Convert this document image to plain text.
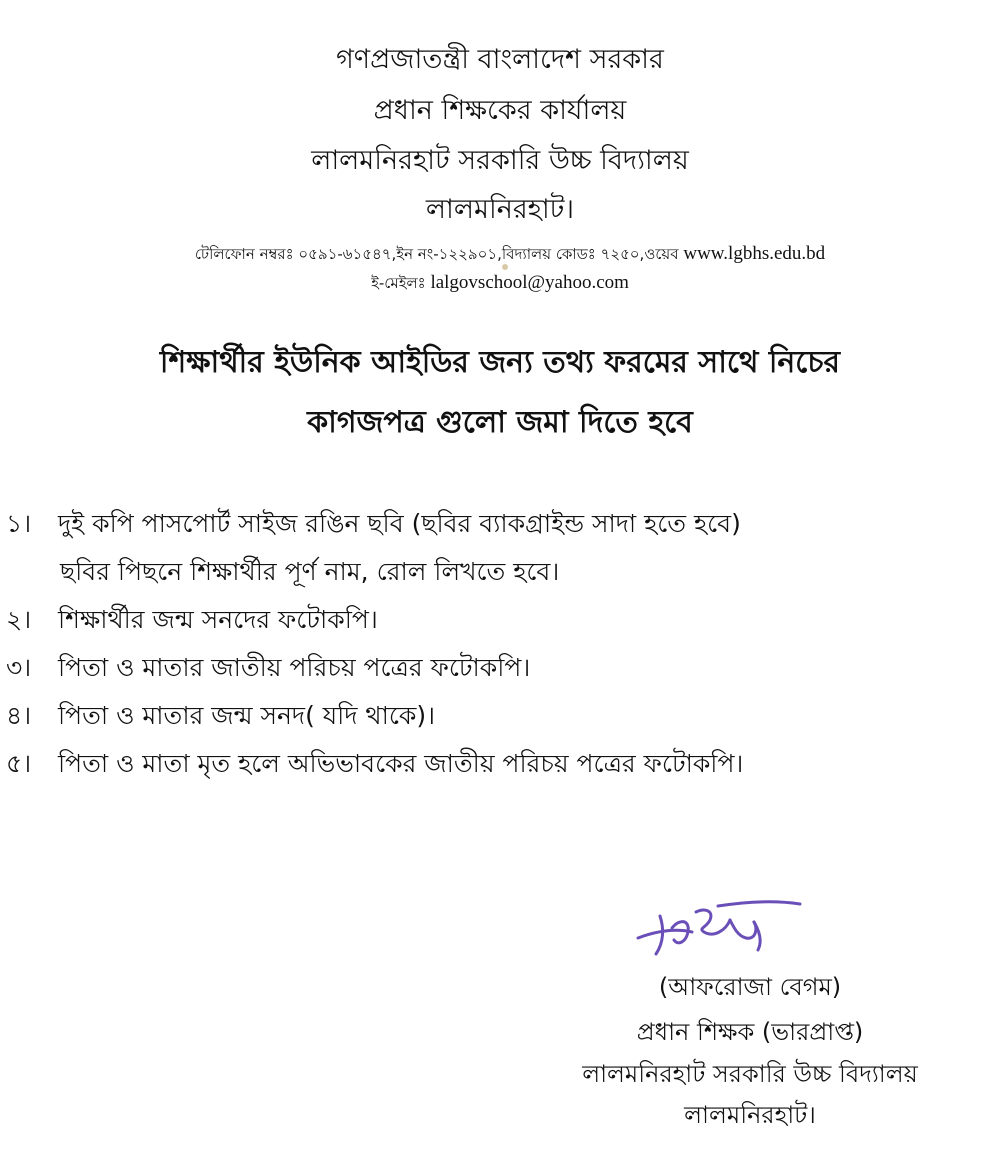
গণপ্রজাতন্ত্রী বাংলাদেশ সরকার
প্রধান শিক্ষকের কার্যালয়
লালমনিরহাট সরকারি উচ্চ বিদ্যালয়
লালমনিরহাট।
টেলিফোন নম্বরঃ ০৫৯১-৬১৫৪৭,ইন নং-১২২৯০১,বিদ্যালয় কোডঃ ৭২৫০,ওয়েব www.lgbhs.edu.bd
ই-মেইলঃ lalgovschool@yahoo.com
শিক্ষার্থীর ইউনিক আইডির জন্য তথ্য ফরমের সাথে নিচের
কাগজপত্র গুলো জমা দিতে হবে
১। দুই কপি পাসপোর্ট সাইজ রঙিন ছবি (ছবির ব্যাকগ্রাইন্ড সাদা হতে হবে)
ছবির পিছনে শিক্ষার্থীর পূর্ণ নাম, রোল লিখতে হবে।
২। শিক্ষার্থীর জন্ম সনদের ফটোকপি।
৩। পিতা ও মাতার জাতীয় পরিচয় পত্রের ফটোকপি।
৪। পিতা ও মাতার জন্ম সনদ( যদি থাকে)।
৫। পিতা ও মাতা মৃত হলে অভিভাবকের জাতীয় পরিচয় পত্রের ফটোকপি।
(আফরোজা বেগম)
প্রধান শিক্ষক (ভারপ্রাপ্ত)
লালমনিরহাট সরকারি উচ্চ বিদ্যালয়
লালমনিরহাট।
